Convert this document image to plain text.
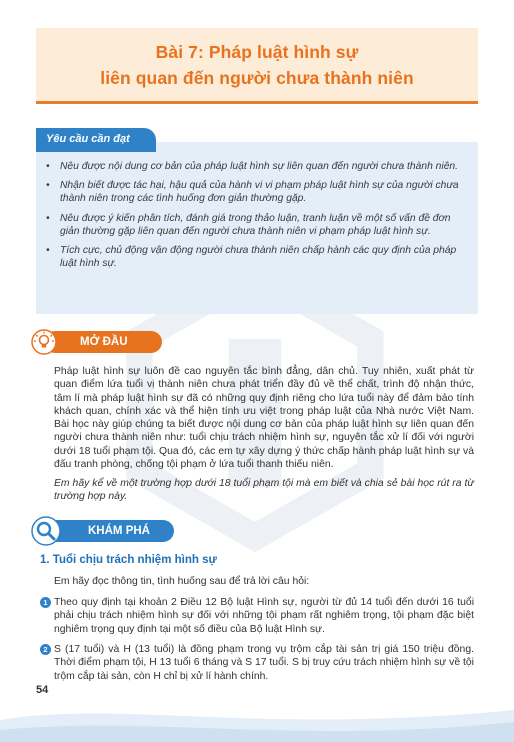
Bài 7: Pháp luật hình sự
liên quan đến người chưa thành niên
Yêu cầu cần đạt
• Nêu được nội dung cơ bản của pháp luật hình sự liên quan đến người chưa thành niên.
• Nhận biết được tác hại, hậu quả của hành vi vi phạm pháp luật hình sự của người chưa thành niên trong các tình huống đơn giản thường gặp.
• Nêu được ý kiến phân tích, đánh giá trong thảo luận, tranh luận về một số vấn đề đơn giản thường gặp liên quan đến người chưa thành niên vi phạm pháp luật hình sự.
• Tích cực, chủ động vận động người chưa thành niên chấp hành các quy định của pháp luật hình sự.
MỞ ĐẦU

Pháp luật hình sự luôn đề cao nguyên tắc bình đẳng, dân chủ. Tuy nhiên, xuất phát từ quan điểm lứa tuổi vị thành niên chưa phát triển đầy đủ về thể chất, trình độ nhận thức, tâm lí mà pháp luật hình sự đã có những quy định riêng cho lứa tuổi này để đảm bảo tính khách quan, chính xác và thể hiện tính ưu việt trong pháp luật của Nhà nước Việt Nam. Bài học này giúp chúng ta biết được nội dung cơ bản của pháp luật hình sự liên quan đến người chưa thành niên như: tuổi chịu trách nhiệm hình sự, nguyên tắc xử lí đối với người dưới 18 tuổi phạm tội. Qua đó, các em tự xây dựng ý thức chấp hành pháp luật hình sự và đấu tranh phòng, chống tội phạm ở lứa tuổi thanh thiếu niên.

Em hãy kể về một trường hợp dưới 18 tuổi phạm tội mà em biết và chia sẻ bài học rút ra từ trường hợp này.

KHÁM PHÁ
1. Tuổi chịu trách nhiệm hình sự

Em hãy đọc thông tin, tình huống sau để trả lời câu hỏi:

1 Theo quy định tại khoản 2 Điều 12 Bộ luật Hình sự, người từ đủ 14 tuổi đến dưới 16 tuổi phải chịu trách nhiệm hình sự đối với những tội phạm rất nghiêm trọng, tội phạm đặc biệt nghiêm trọng quy định tại một số điều của Bộ luật Hình sự.
2 S (17 tuổi) và H (13 tuổi) là đồng phạm trong vụ trộm cắp tài sản trị giá 150 triệu đồng. Thời điểm phạm tội, H 13 tuổi 6 tháng và S 17 tuổi. S bị truy cứu trách nhiệm hình sự về tội trộm cắp tài sản, còn H chỉ bị xử lí hành chính.
54
